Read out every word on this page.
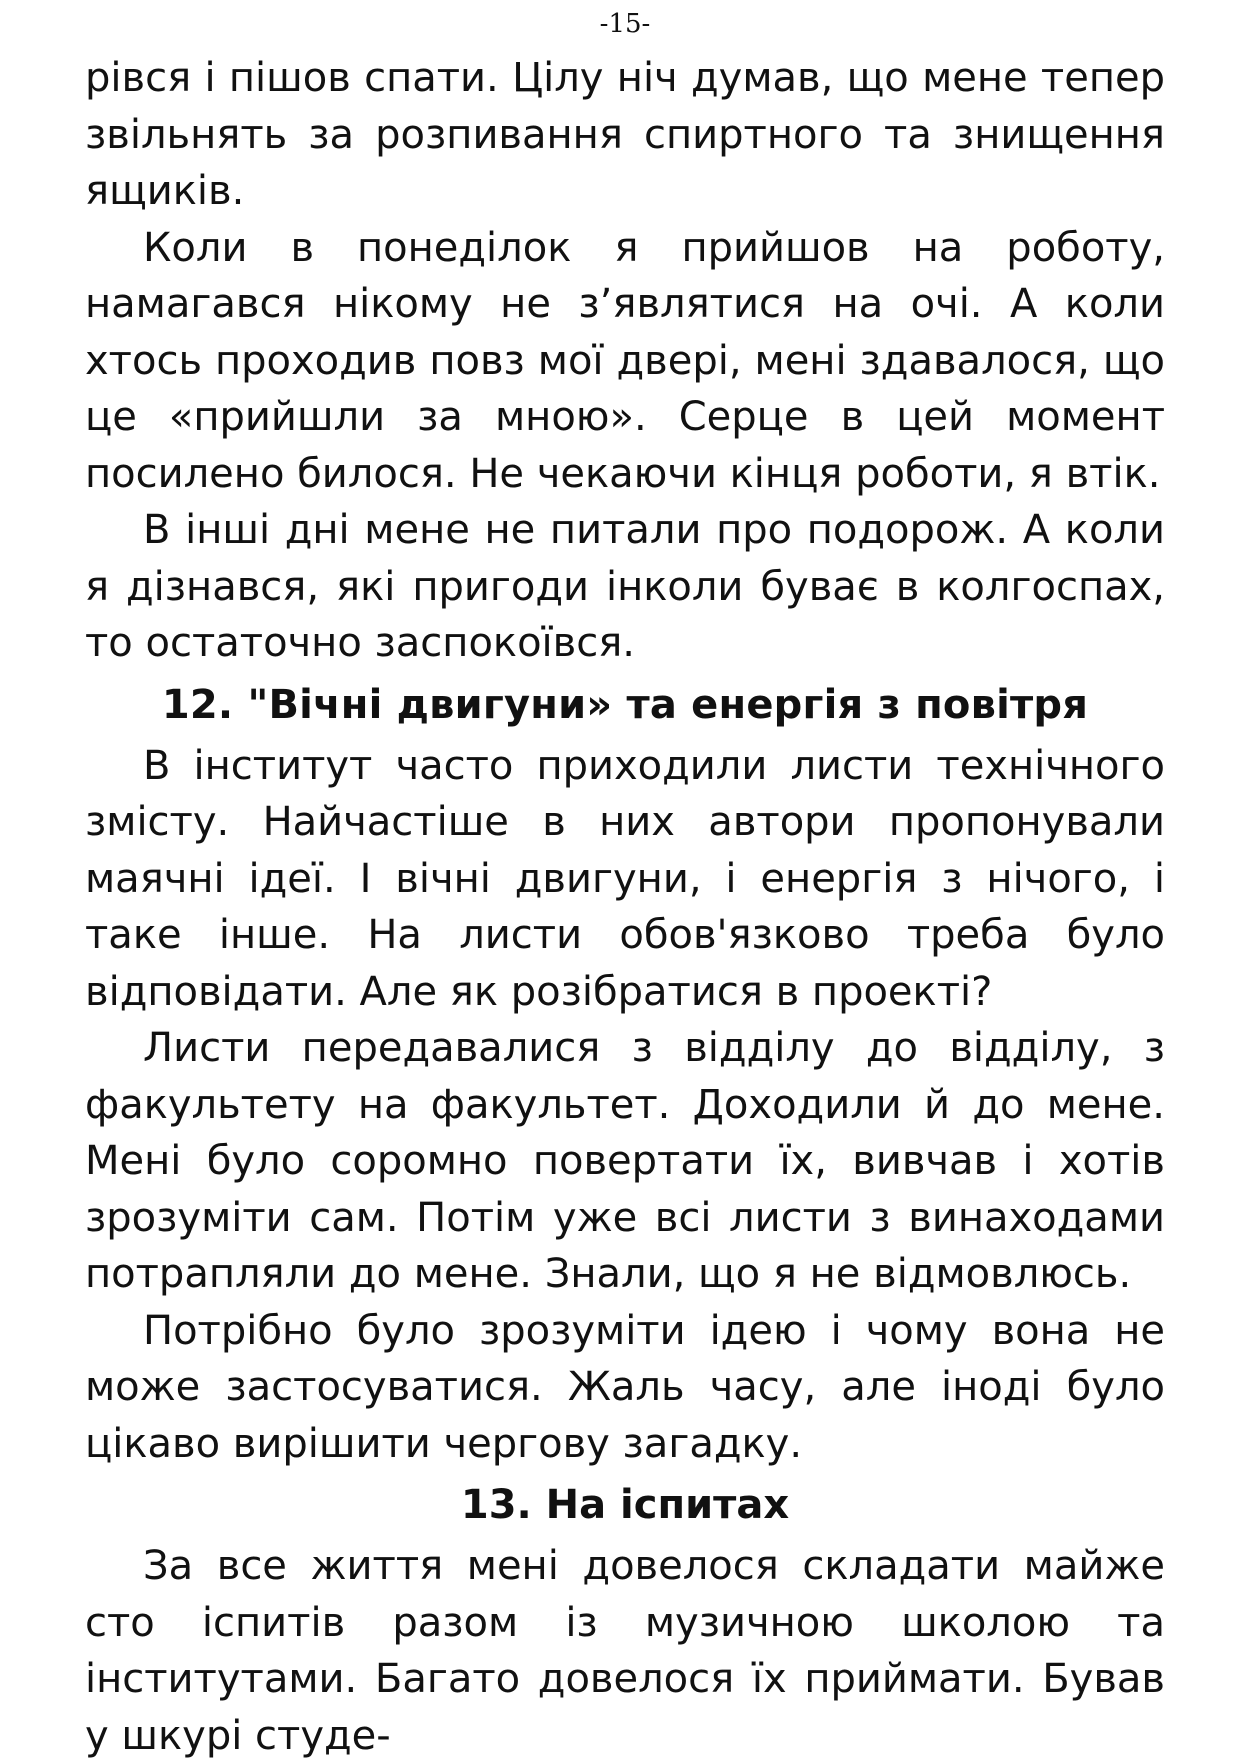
-15-

рівся і пішов спати. Цілу ніч думав, що мене тепер звільнять за розпивання спиртного та знищення ящиків.

Коли в понеділок я прийшов на роботу, намагався нікому не з’являтися на очі. А коли хтось проходив повз мої двері, мені здавалося, що це «прийшли за мною». Серце в цей момент посилено билося. Не чекаючи кінця роботи, я втік.

В інші дні мене не питали про подорож. А коли я дізнався, які пригоди інколи буває в колгоспах, то остаточно заспокоївся.

12. "Вічні двигуни» та енергія з повітря

В інститут часто приходили листи технічного змісту. Найчастіше в них автори пропонували маячні ідеї. І вічні двигуни, і енергія з нічого, і таке інше. На листи обов'язково треба було відповідати. Але як розібратися в проекті?

Листи передавалися з відділу до відділу, з факультету на факультет. Доходили й до мене. Мені було соромно повертати їх, вивчав і хотів зрозуміти сам. Потім уже всі листи з винаходами потрапляли до мене. Знали, що я не відмовлюсь.

Потрібно було зрозуміти ідею і чому вона не може застосуватися. Жаль часу, але іноді було цікаво вирішити чергову загадку.

13. На іспитах

За все життя мені довелося складати майже сто іспитів разом із музичною школою та інститутами. Багато довелося їх приймати. Бував у шкурі студе-
